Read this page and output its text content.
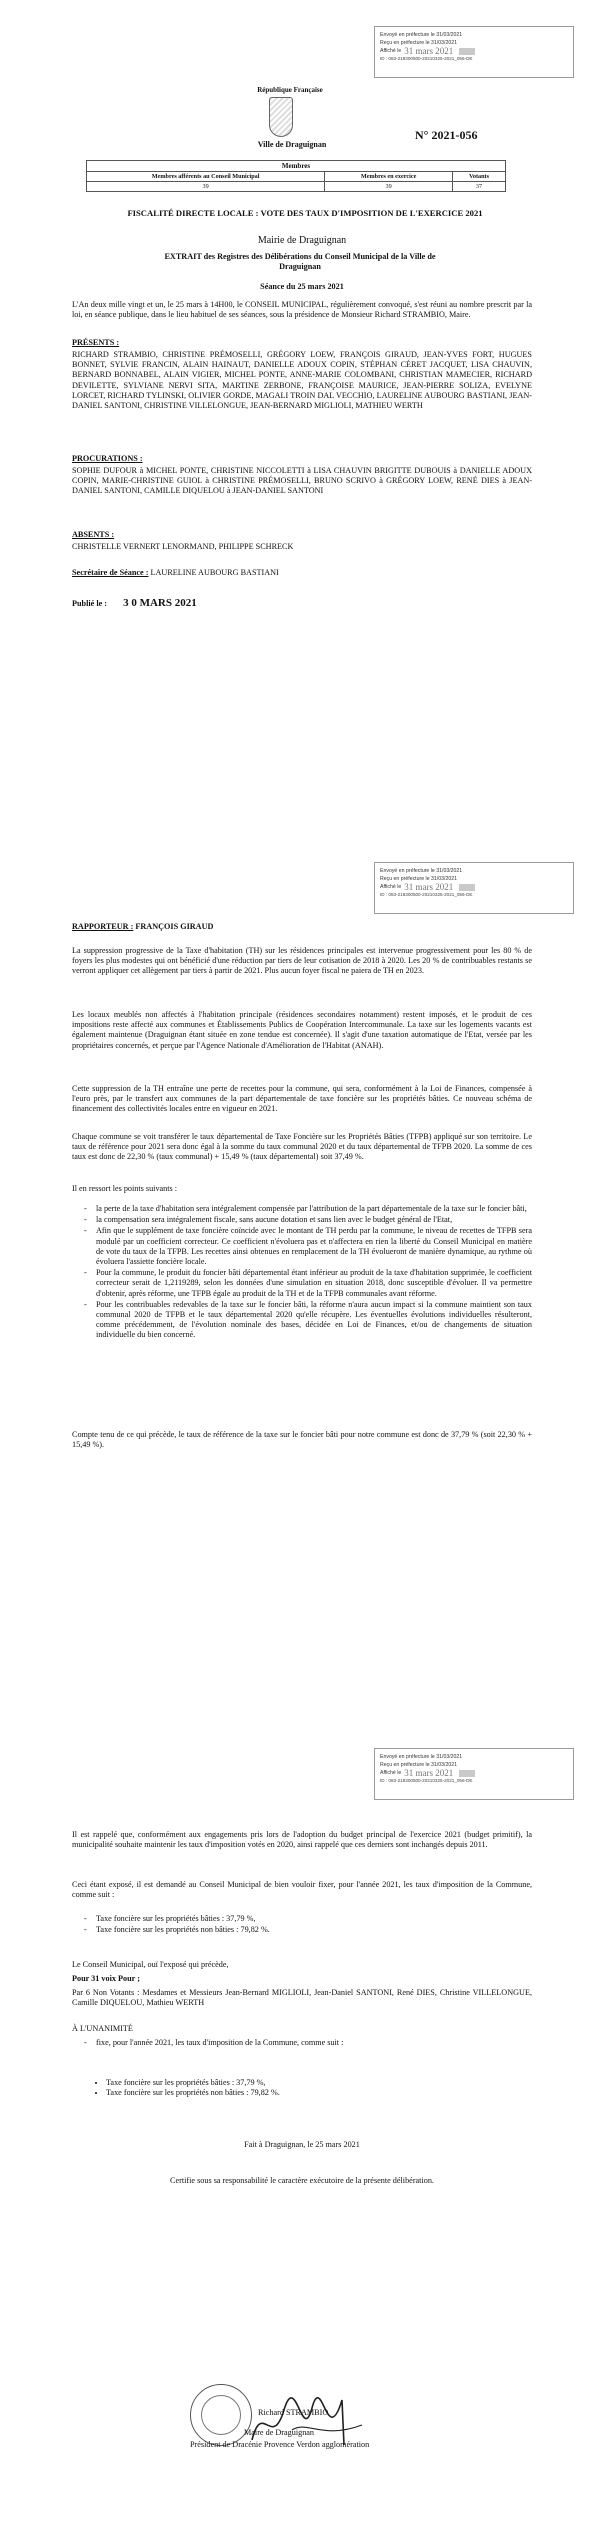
Envoyé en préfecture le 31/03/2021
Reçu en préfecture le 31/03/2021
Affiché le 31 mars 2021
ID : 083-218300500-20210325-2021_056-DE
République Française
Ville de Draguignan
N° 2021-056
Membres		
Membres afférents au Conseil Municipal	Membres en exercice	Votants
39	39	37
FISCALITÉ DIRECTE LOCALE : VOTE DES TAUX D'IMPOSITION DE L'EXERCICE 2021
Mairie de Draguignan
EXTRAIT des Registres des Délibérations du Conseil Municipal de la Ville de Draguignan
Séance du 25 mars 2021
L'An deux mille vingt et un, le 25 mars à 14H00, le CONSEIL MUNICIPAL, régulièrement convoqué, s'est réuni au nombre prescrit par la loi, en séance publique, dans le lieu habituel de ses séances, sous la présidence de Monsieur Richard STRAMBIO, Maire.
PRÉSENTS :
RICHARD STRAMBIO, CHRISTINE PRÉMOSELLI, GRÉGORY LOEW, FRANÇOIS GIRAUD, JEAN-YVES FORT, HUGUES BONNET, SYLVIE FRANCIN, ALAIN HAINAUT, DANIELLE ADOUX COPIN, STÉPHAN CÉRET JACQUET, LISA CHAUVIN, BERNARD BONNABEL, ALAIN VIGIER, MICHEL PONTE, ANNE-MARIE COLOMBANI, CHRISTIAN MAMECIER, RICHARD DEVILETTE, SYLVIANE NERVI SITA, MARTINE ZERBONE, FRANÇOISE MAURICE, JEAN-PIERRE SOLIZA, EVELYNE LORCET, RICHARD TYLINSKI, OLIVIER GORDE, MAGALI TROIN DAL VECCHIO, LAURELINE AUBOURG BASTIANI, JEAN-DANIEL SANTONI, CHRISTINE VILLELONGUE, JEAN-BERNARD MIGLIOLI, MATHIEU WERTH
PROCURATIONS :
SOPHIE DUFOUR à MICHEL PONTE, CHRISTINE NICCOLETTI à LISA CHAUVIN BRIGITTE DUBOUIS à DANIELLE ADOUX COPIN, MARIE-CHRISTINE GUIOL à CHRISTINE PRÉMOSELLI, BRUNO SCRIVO à GRÉGORY LOEW, RENÉ DIES à JEAN-DANIEL SANTONI, CAMILLE DIQUELOU à JEAN-DANIEL SANTONI
ABSENTS :
CHRISTELLE VERNERT LENORMAND, PHILIPPE SCHRECK
Secrétaire de Séance : LAURELINE AUBOURG BASTIANI
Publié le : 3 0 MARS 2021
Envoyé en préfecture le 31/03/2021
Reçu en préfecture le 31/03/2021
Affiché le 31 mars 2021
ID : 083-218300500-20210325-2021_056-DE
RAPPORTEUR : FRANÇOIS GIRAUD
La suppression progressive de la Taxe d'habitation (TH) sur les résidences principales est intervenue progressivement pour les 80 % de foyers les plus modestes qui ont bénéficié d'une réduction par tiers de leur cotisation de 2018 à 2020. Les 20 % de contribuables restants se verront appliquer cet allègement par tiers à partir de 2021. Plus aucun foyer fiscal ne paiera de TH en 2023.
Les locaux meublés non affectés à l'habitation principale (résidences secondaires notamment) restent imposés, et le produit de ces impositions reste affecté aux communes et Établissements Publics de Coopération Intercommunale. La taxe sur les logements vacants est également maintenue (Draguignan étant située en zone tendue est concernée). Il s'agit d'une taxation automatique de l'Etat, versée par les propriétaires concernés, et perçue par l'Agence Nationale d'Amélioration de l'Habitat (ANAH).
Cette suppression de la TH entraîne une perte de recettes pour la commune, qui sera, conformément à la Loi de Finances, compensée à l'euro près, par le transfert aux communes de la part départementale de taxe foncière sur les propriétés bâties. Ce nouveau schéma de financement des collectivités locales entre en vigueur en 2021.
Chaque commune se voit transférer le taux départemental de Taxe Foncière sur les Propriétés Bâties (TFPB) appliqué sur son territoire. Le taux de référence pour 2021 sera donc égal à la somme du taux communal 2020 et du taux départemental de TFPB 2020. La somme de ces taux est donc de 22,30 % (taux communal) + 15,49 % (taux départemental) soit 37,49 %.
Il en ressort les points suivants :
- la perte de la taxe d'habitation sera intégralement compensée par l'attribution de la part départementale de la taxe sur le foncier bâti,
- la compensation sera intégralement fiscale, sans aucune dotation et sans lien avec le budget général de l'Etat,
- Afin que le supplément de taxe foncière coïncide avec le montant de TH perdu par la commune, le niveau de recettes de TFPB sera modulé par un coefficient correcteur. Ce coefficient n'évoluera pas et n'affectera en rien la liberté du Conseil Municipal en matière de vote du taux de la TFPB. Les recettes ainsi obtenues en remplacement de la TH évolueront de manière dynamique, au rythme où évoluera l'assiette foncière locale.
- Pour la commune, le produit du foncier bâti départemental étant inférieur au produit de la taxe d'habitation supprimée, le coefficient correcteur serait de 1,2119289, selon les données d'une simulation en situation 2018, donc susceptible d'évoluer. Il va permettre d'obtenir, après réforme, une TFPB égale au produit de la TH et de la TFPB communales avant réforme.
- Pour les contribuables redevables de la taxe sur le foncier bâti, la réforme n'aura aucun impact si la commune maintient son taux communal 2020 de TFPB et le taux départemental 2020 qu'elle récupère. Les éventuelles évolutions individuelles résulteront, comme précédemment, de l'évolution nominale des bases, décidée en Loi de Finances, et/ou de changements de situation individuelle du bien concerné.
Compte tenu de ce qui précède, le taux de référence de la taxe sur le foncier bâti pour notre commune est donc de 37,79 % (soit 22,30 % + 15,49 %).
Envoyé en préfecture le 31/03/2021
Reçu en préfecture le 31/03/2021
Affiché le 31 mars 2021
ID : 083-218300500-20210325-2021_056-DE
Il est rappelé que, conformément aux engagements pris lors de l'adoption du budget principal de l'exercice 2021 (budget primitif), la municipalité souhaite maintenir les taux d'imposition votés en 2020, ainsi rappelé que ces derniers sont inchangés depuis 2011.
Ceci étant exposé, il est demandé au Conseil Municipal de bien vouloir fixer, pour l'année 2021, les taux d'imposition de la Commune, comme suit :
- Taxe foncière sur les propriétés bâties : 37,79 %,
- Taxe foncière sur les propriétés non bâties : 79,82 %.
Le Conseil Municipal, ouï l'exposé qui précède,
Pour 31 voix Pour ;
Par 6 Non Votants : Mesdames et Messieurs Jean-Bernard MIGLIOLI, Jean-Daniel SANTONI, René DIES, Christine VILLELONGUE, Camille DIQUELOU, Mathieu WERTH
À L'UNANIMITÉ
- fixe, pour l'année 2021, les taux d'imposition de la Commune, comme suit :
• Taxe foncière sur les propriétés bâties : 37,79 %,
• Taxe foncière sur les propriétés non bâties : 79,82 %.
Fait à Draguignan, le 25 mars 2021
Certifie sous sa responsabilité le caractère exécutoire de la présente délibération.
Richard STRAMBIO
Maire de Draguignan
Président de Dracénie Provence Verdon agglomération
